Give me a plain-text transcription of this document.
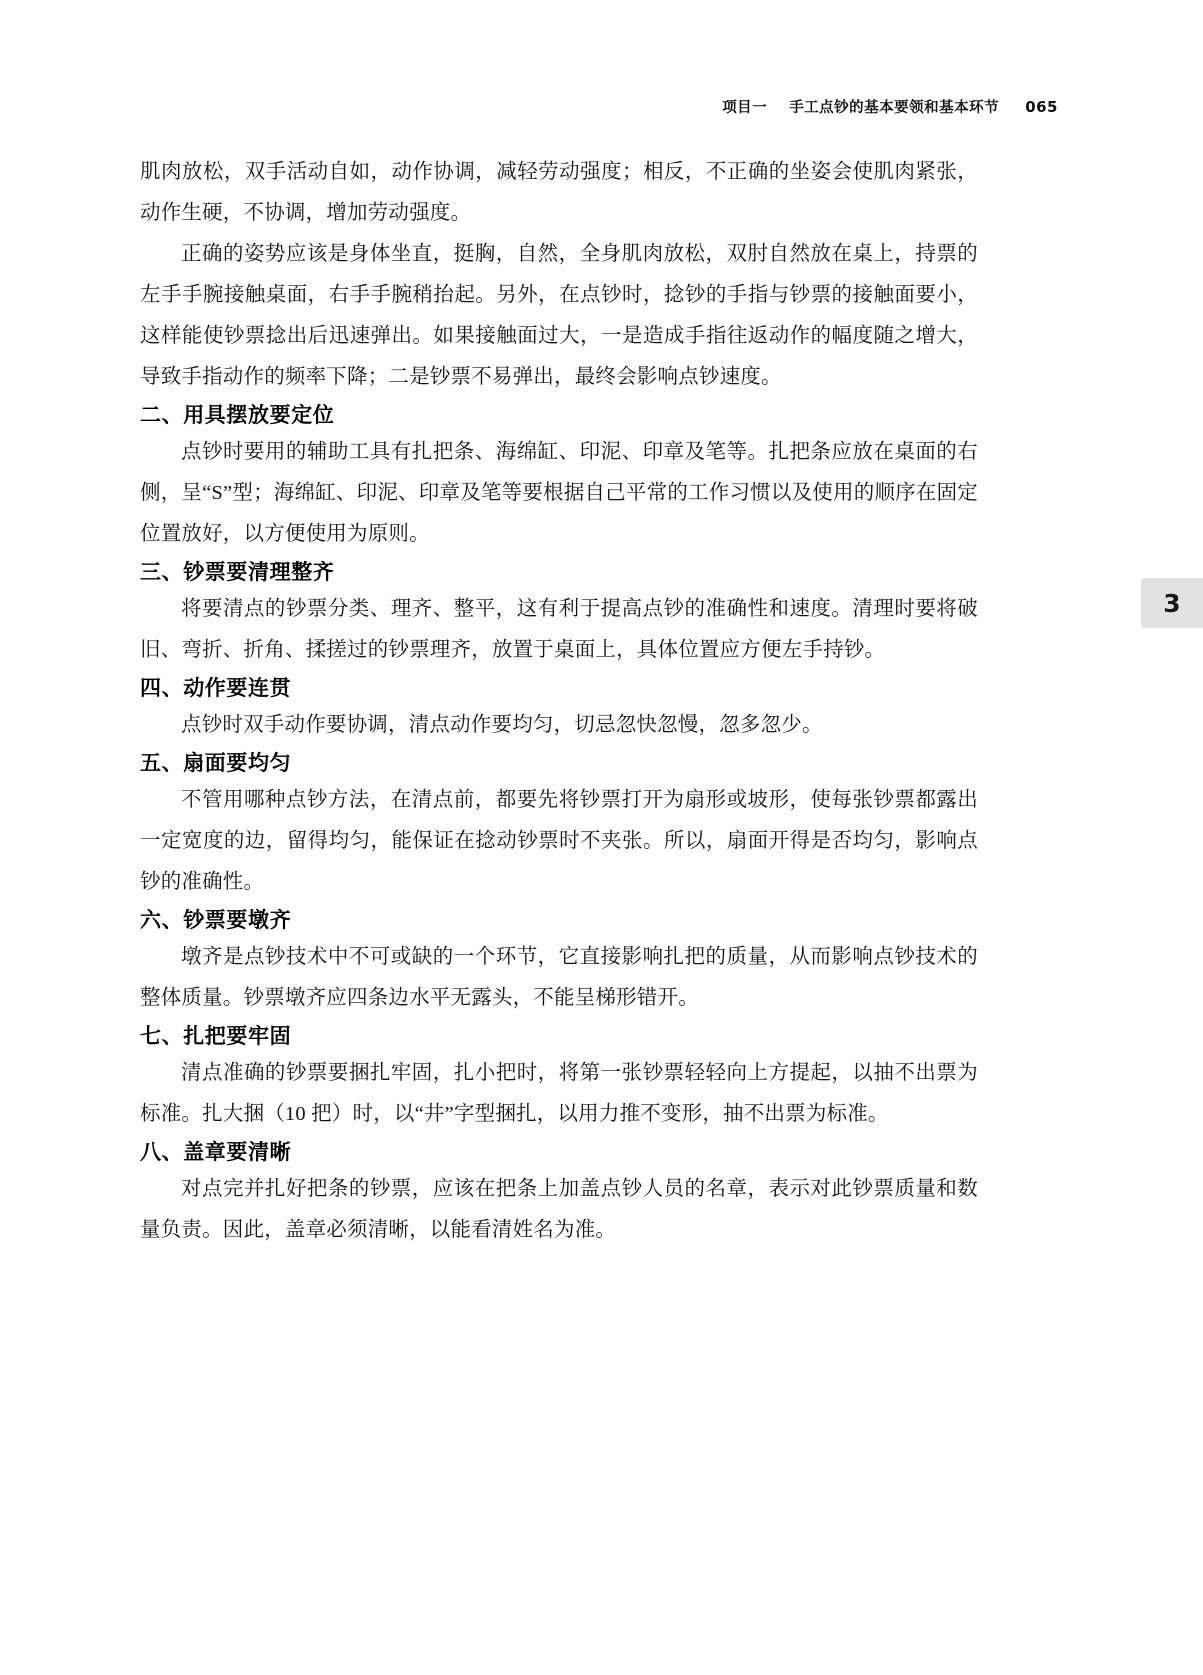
项目一 手工点钞的基本要领和基本环节 065
3

肌肉放松，双手活动自如，动作协调，减轻劳动强度；相反，不正确的坐姿会使肌肉紧张，动作生硬，不协调，增加劳动强度。

正确的姿势应该是身体坐直，挺胸，自然，全身肌肉放松，双肘自然放在桌上，持票的左手手腕接触桌面，右手手腕稍抬起。另外，在点钞时，捻钞的手指与钞票的接触面要小，这样能使钞票捻出后迅速弹出。如果接触面过大，一是造成手指往返动作的幅度随之增大，导致手指动作的频率下降；二是钞票不易弹出，最终会影响点钞速度。

二、用具摆放要定位

点钞时要用的辅助工具有扎把条、海绵缸、印泥、印章及笔等。扎把条应放在桌面的右侧，呈“S”型；海绵缸、印泥、印章及笔等要根据自己平常的工作习惯以及使用的顺序在固定位置放好，以方便使用为原则。

三、钞票要清理整齐

将要清点的钞票分类、理齐、整平，这有利于提高点钞的准确性和速度。清理时要将破旧、弯折、折角、揉搓过的钞票理齐，放置于桌面上，具体位置应方便左手持钞。

四、动作要连贯

点钞时双手动作要协调，清点动作要均匀，切忌忽快忽慢，忽多忽少。

五、扇面要均匀

不管用哪种点钞方法，在清点前，都要先将钞票打开为扇形或坡形，使每张钞票都露出一定宽度的边，留得均匀，能保证在捻动钞票时不夹张。所以，扇面开得是否均匀，影响点钞的准确性。

六、钞票要墩齐

墩齐是点钞技术中不可或缺的一个环节，它直接影响扎把的质量，从而影响点钞技术的整体质量。钞票墩齐应四条边水平无露头，不能呈梯形错开。

七、扎把要牢固

清点准确的钞票要捆扎牢固，扎小把时，将第一张钞票轻轻向上方提起，以抽不出票为标准。扎大捆（10 把）时，以“井”字型捆扎，以用力推不变形，抽不出票为标准。

八、盖章要清晰

对点完并扎好把条的钞票，应该在把条上加盖点钞人员的名章，表示对此钞票质量和数量负责。因此，盖章必须清晰，以能看清姓名为准。
